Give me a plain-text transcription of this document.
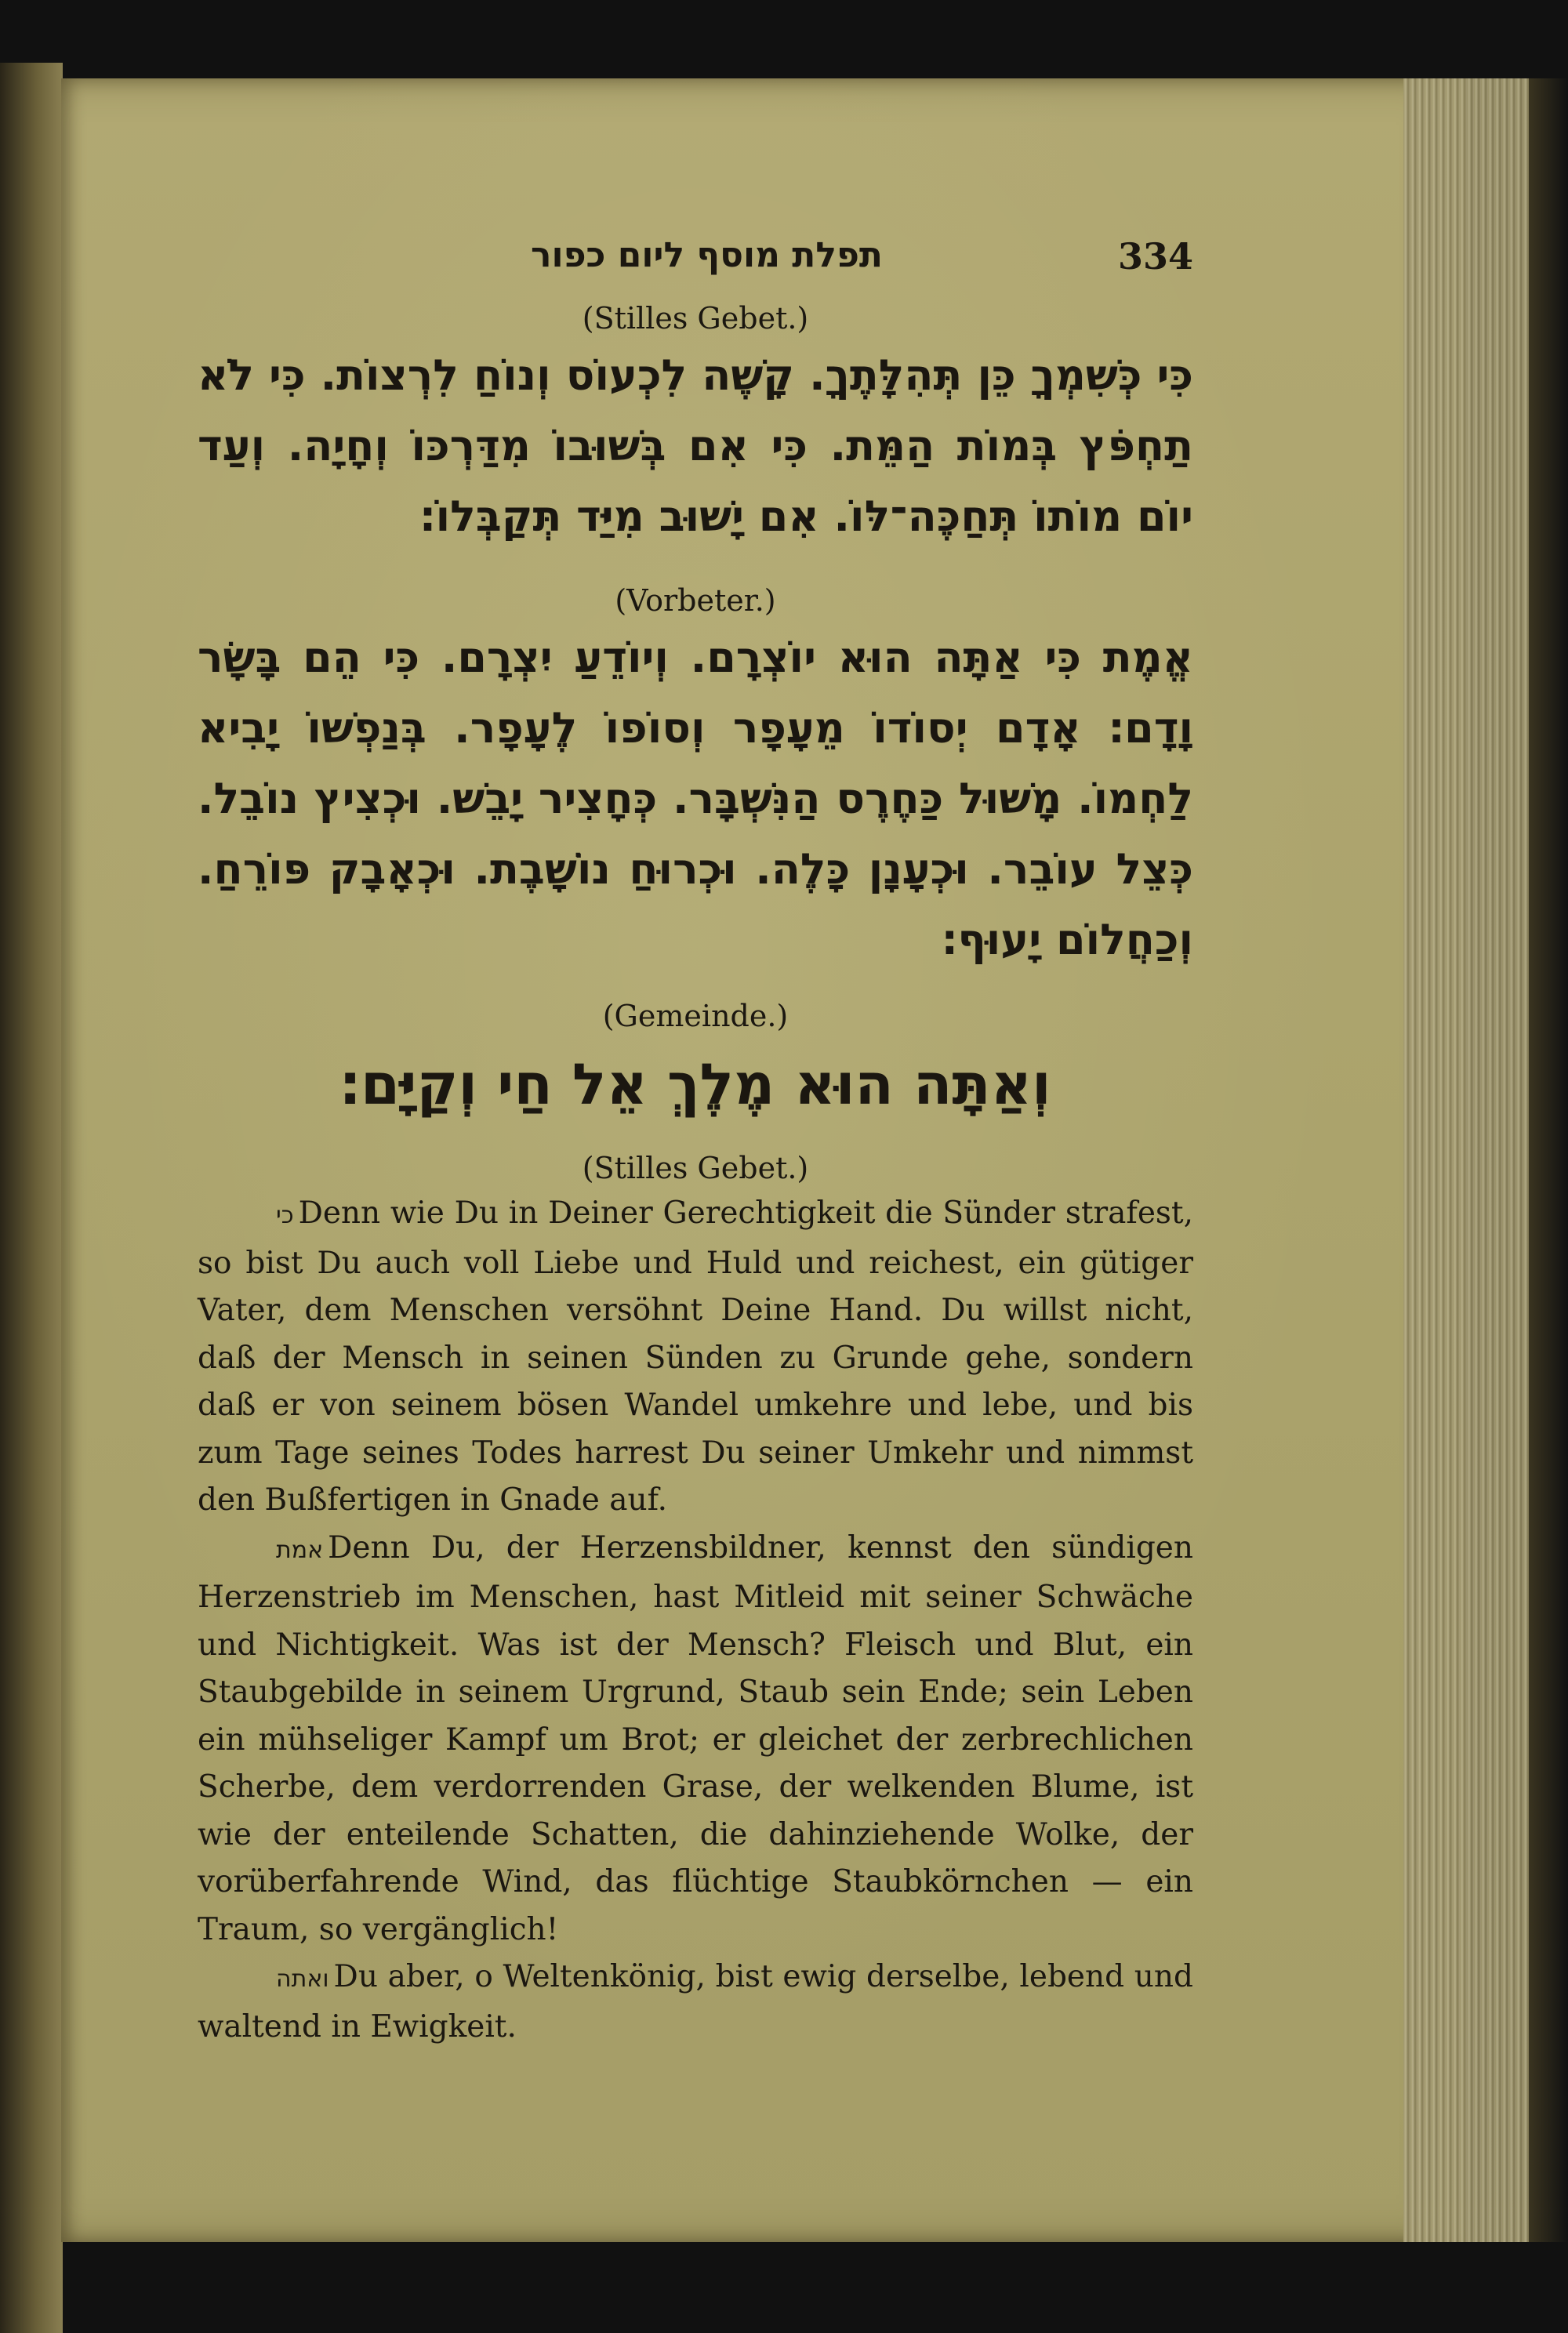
תפלת מוסף ליום כפור	334
(Stilles Gebet.)
כִּי כְּשִׁמְךָ כֵּן תְּהִלָּתֶךָ. קָשֶׁה לִכְעוֹס וְנוֹחַ לִרְצוֹת. כִּי לֹא תַחְפֹּץ בְּמוֹת הַמֵּת. כִּי אִם בְּשׁוּבוֹ מִדַּרְכּוֹ וְחָיָה. וְעַד יוֹם מוֹתוֹ תְּחַכֶּה־לּוֹ. אִם יָשׁוּב מִיַּד תְּקַבְּלוֹ׃
(Vorbeter.)
אֱמֶת כִּי אַתָּה הוּא יוֹצְרָם. וְיוֹדֵעַ יִצְרָם. כִּי הֵם בָּשָׂר וָדָם׃ אָדָם יְסוֹדוֹ מֵעָפָר וְסוֹפוֹ לֶעָפָר. בְּנַפְשׁוֹ יָבִיא לַחְמוֹ. מָשׁוּל כַּחֶרֶס הַנִּשְׁבָּר. כְּחָצִיר יָבֵשׁ. וּכְצִיץ נוֹבֵל. כְּצֵל עוֹבֵר. וּכְעָנָן כָּלֶה. וּכְרוּחַ נוֹשָׁבֶת. וּכְאָבָק פּוֹרֵחַ. וְכַחֲלוֹם יָעוּף׃
(Gemeinde.)
וְאַתָּה הוּא מֶלֶךְ אֵל חַי וְקַיָּם׃
(Stilles Gebet.)

כי Denn wie Du in Deiner Gerechtigkeit die Sünder strafest, so bist Du auch voll Liebe und Huld und reichest, ein gütiger Vater, dem Menschen versöhnt Deine Hand. Du willst nicht, daß der Mensch in seinen Sünden zu Grunde gehe, sondern daß er von seinem bösen Wandel umkehre und lebe, und bis zum Tage seines Todes harrest Du seiner Umkehr und nimmst den Bußfertigen in Gnade auf.

אמת Denn Du, der Herzensbildner, kennst den sündigen Herzenstrieb im Menschen, hast Mitleid mit seiner Schwäche und Nichtigkeit. Was ist der Mensch? Fleisch und Blut, ein Staubgebilde in seinem Urgrund, Staub sein Ende; sein Leben ein mühseliger Kampf um Brot; er gleichet der zerbrechlichen Scherbe, dem verdorrenden Grase, der welkenden Blume, ist wie der enteilende Schatten, die dahinziehende Wolke, der vorüberfahrende Wind, das flüchtige Staubkörnchen — ein Traum, so vergänglich!

ואתה Du aber, o Weltenkönig, bist ewig derselbe, lebend und waltend in Ewigkeit.
